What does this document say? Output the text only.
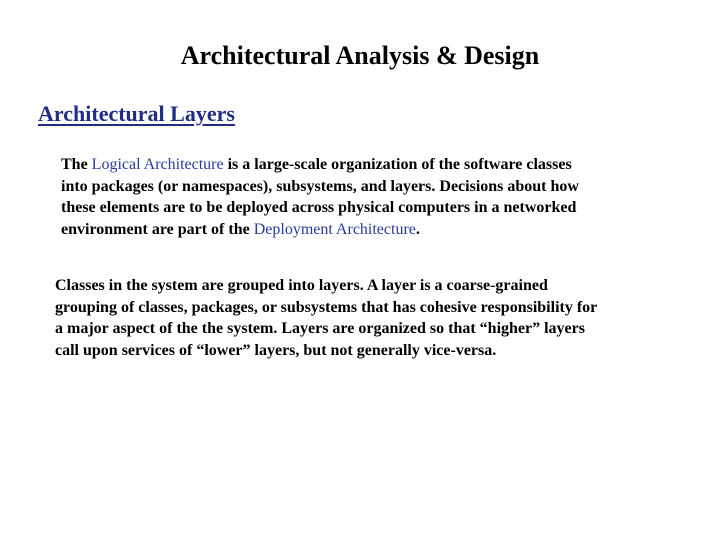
Architectural Analysis & Design
Architectural Layers

The Logical Architecture is a large-scale organization of the software classes
into packages (or namespaces), subsystems, and layers. Decisions about how
these elements are to be deployed across physical computers in a networked
environment are part of the Deployment Architecture.

Classes in the system are grouped into layers. A layer is a coarse-grained
grouping of classes, packages, or subsystems that has cohesive responsibility for
a major aspect of the the system. Layers are organized so that “higher” layers
call upon services of “lower” layers, but not generally vice-versa.
